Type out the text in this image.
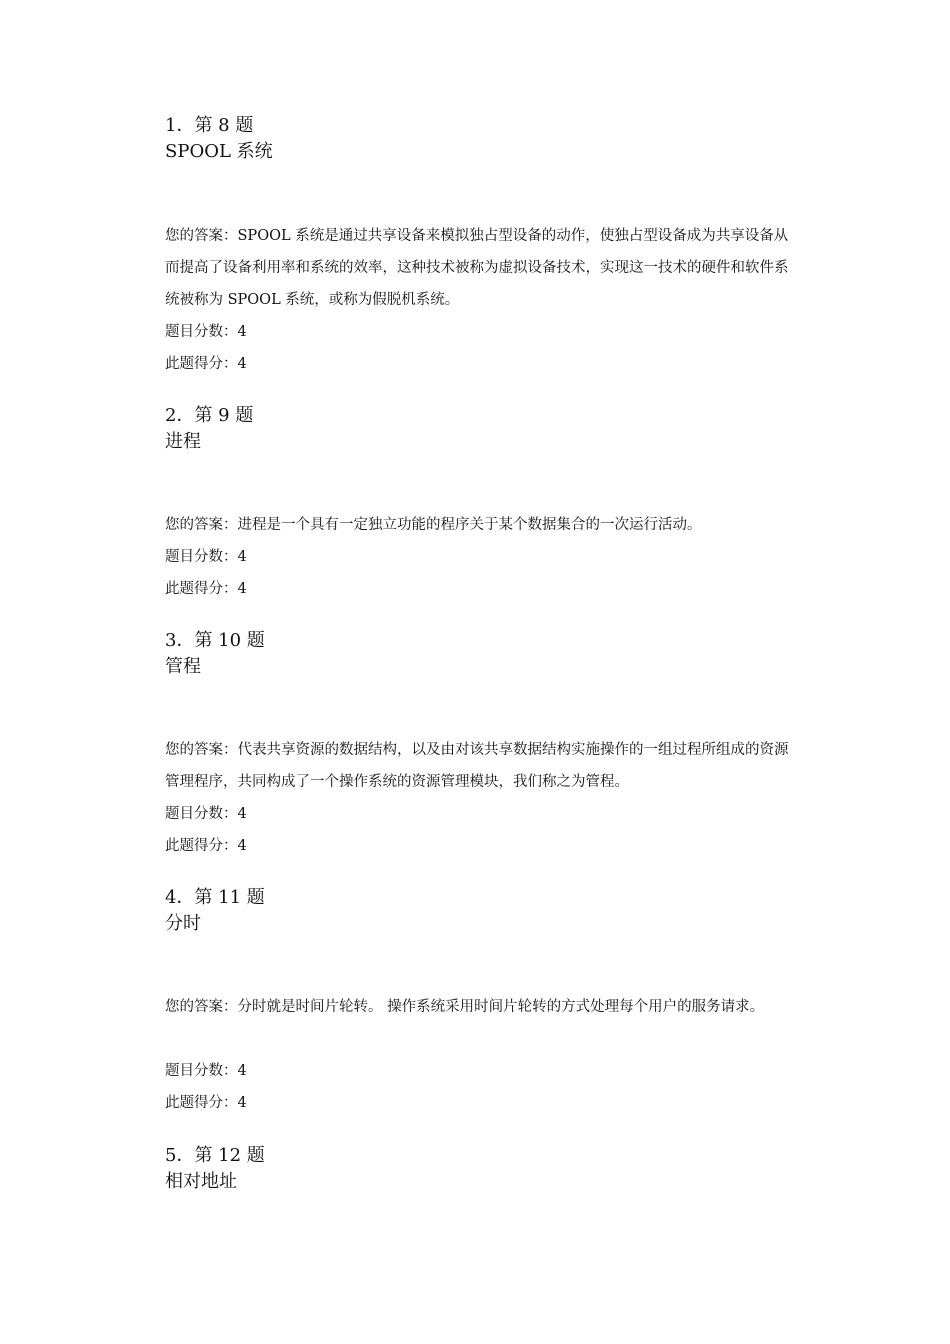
1．第 8 题
SPOOL 系统
您的答案：SPOOL 系统是通过共享设备来模拟独占型设备的动作，使独占型设备成为共享设备从而提高了设备利用率和系统的效率，这种技术被称为虚拟设备技术，实现这一技术的硬件和软件系统被称为 SPOOL 系统，或称为假脱机系统。
题目分数：4
此题得分：4
2．第 9 题
进程
您的答案：进程是一个具有一定独立功能的程序关于某个数据集合的一次运行活动。
题目分数：4
此题得分：4
3．第 10 题
管程
您的答案：代表共享资源的数据结构，以及由对该共享数据结构实施操作的一组过程所组成的资源管理程序，共同构成了一个操作系统的资源管理模块，我们称之为管程。
题目分数：4
此题得分：4
4．第 11 题
分时
您的答案：分时就是时间片轮转。 操作系统采用时间片轮转的方式处理每个用户的服务请求。
题目分数：4
此题得分：4
5．第 12 题
相对地址
